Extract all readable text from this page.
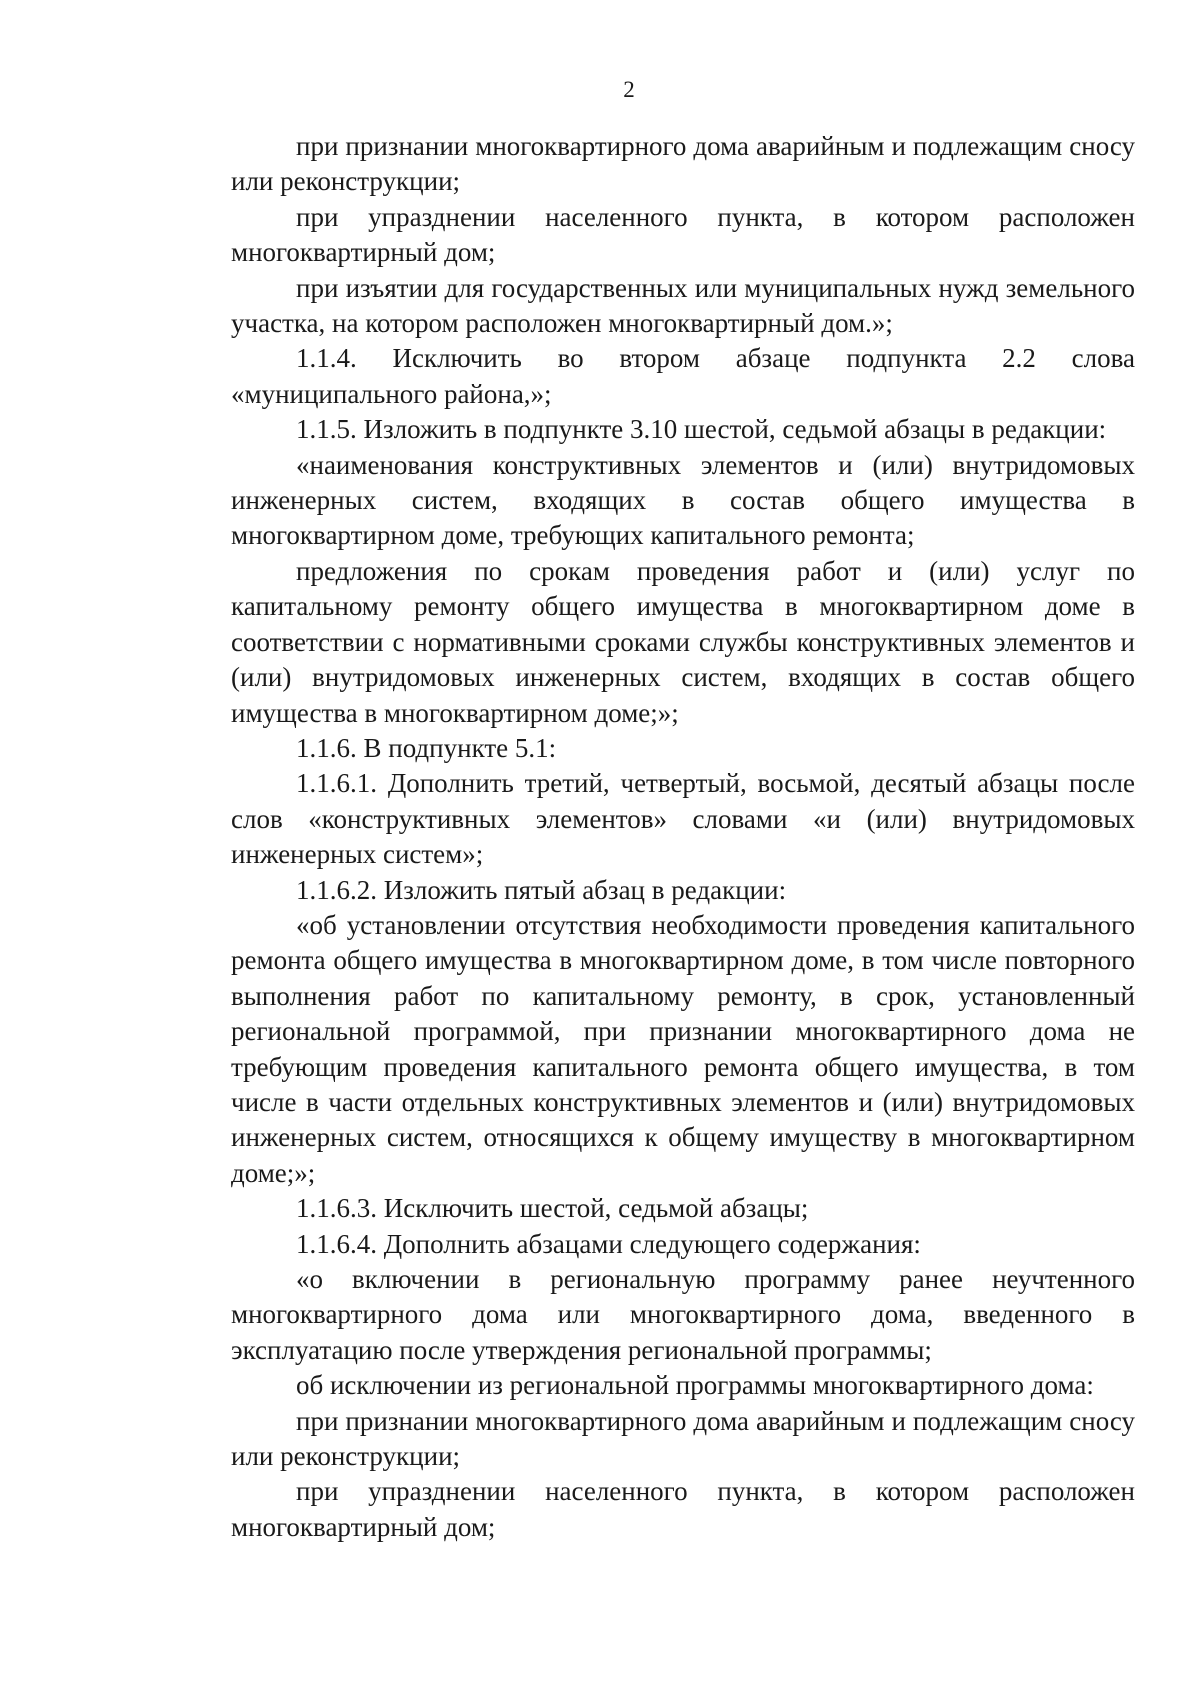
2

при признании многоквартирного дома аварийным и подлежащим сносу или реконструкции;

при упразднении населенного пункта, в котором расположен многоквартирный дом;

при изъятии для государственных или муниципальных нужд земельного участка, на котором расположен многоквартирный дом.»;

1.1.4. Исключить во втором абзаце подпункта 2.2 слова «муниципального района,»;

1.1.5. Изложить в подпункте 3.10 шестой, седьмой абзацы в редакции:

«наименования конструктивных элементов и (или) внутридомовых инженерных систем, входящих в состав общего имущества в многоквартирном доме, требующих капитального ремонта;

предложения по срокам проведения работ и (или) услуг по капитальному ремонту общего имущества в многоквартирном доме в соответствии с нормативными сроками службы конструктивных элементов и (или) внутридомовых инженерных систем, входящих в состав общего имущества в многоквартирном доме;»;

1.1.6. В подпункте 5.1:

1.1.6.1. Дополнить третий, четвертый, восьмой, десятый абзацы после слов «конструктивных элементов» словами «и (или) внутридомовых инженерных систем»;

1.1.6.2. Изложить пятый абзац в редакции:

«об установлении отсутствия необходимости проведения капитального ремонта общего имущества в многоквартирном доме, в том числе повторного выполнения работ по капитальному ремонту, в срок, установленный региональной программой, при признании многоквартирного дома не требующим проведения капитального ремонта общего имущества, в том числе в части отдельных конструктивных элементов и (или) внутридомовых инженерных систем, относящихся к общему имуществу в многоквартирном доме;»;

1.1.6.3. Исключить шестой, седьмой абзацы;

1.1.6.4. Дополнить абзацами следующего содержания:

«о включении в региональную программу ранее неучтенного многоквартирного дома или многоквартирного дома, введенного в эксплуатацию после утверждения региональной программы;

об исключении из региональной программы многоквартирного дома:

при признании многоквартирного дома аварийным и подлежащим сносу или реконструкции;

при упразднении населенного пункта, в котором расположен многоквартирный дом;
